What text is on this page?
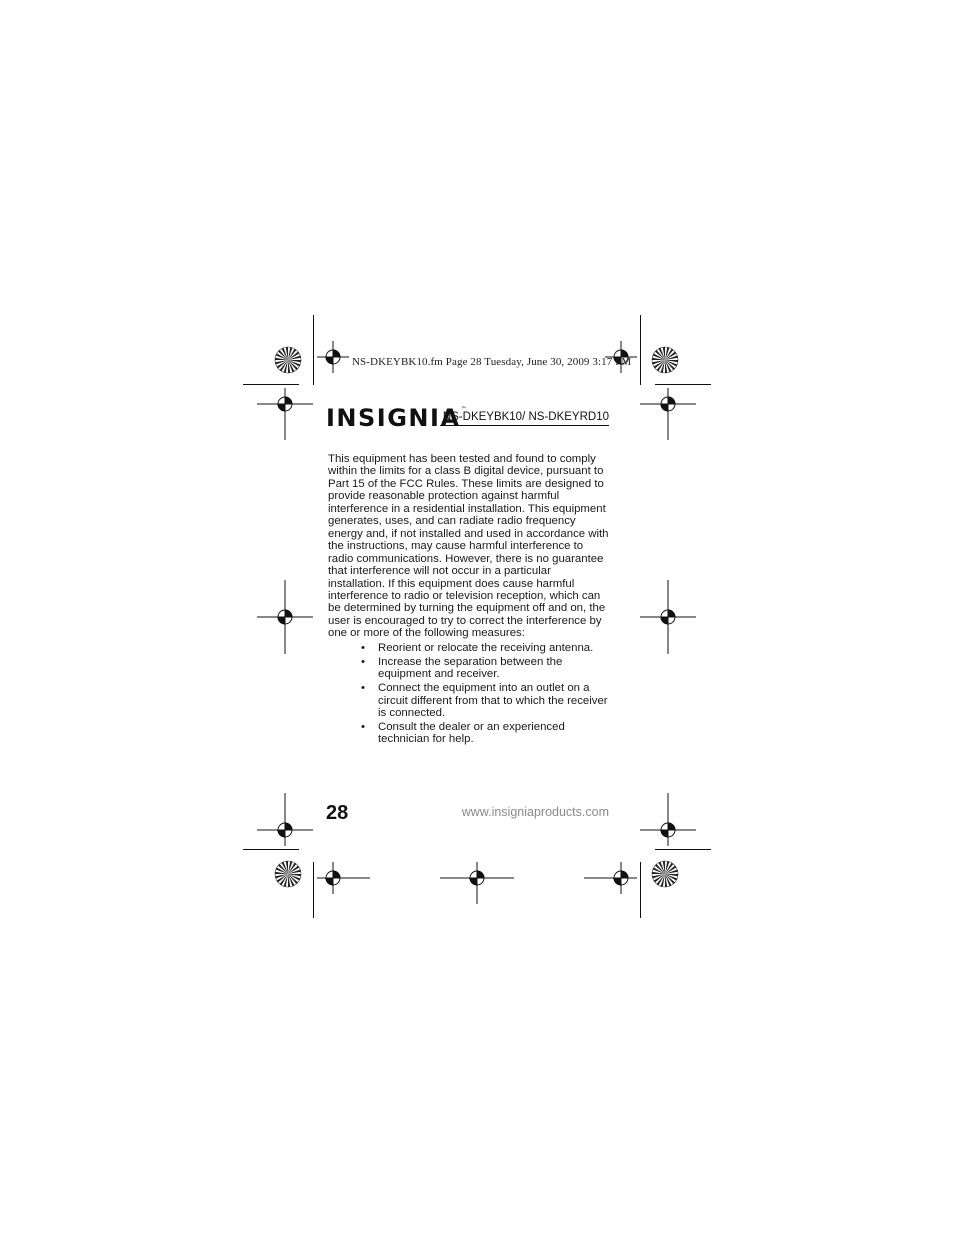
NS-DKEYBK10.fm Page 28 Tuesday, June 30, 2009 3:17 PM
INSIGNIA™
NS-DKEYBK10/ NS-DKEYRD10

This equipment has been tested and found to comply within the limits for a class B digital device, pursuant to Part 15 of the FCC Rules. These limits are designed to provide reasonable protection against harmful interference in a residential installation. This equipment generates, uses, and can radiate radio frequency energy and, if not installed and used in accordance with the instructions, may cause harmful interference to radio communications. However, there is no guarantee that interference will not occur in a particular installation. If this equipment does cause harmful interference to radio or television reception, which can be determined by turning the equipment off and on, the user is encouraged to try to correct the interference by one or more of the following measures:

• Reorient or relocate the receiving antenna.
• Increase the separation between the equipment and receiver.
• Connect the equipment into an outlet on a circuit different from that to which the receiver is connected.
• Consult the dealer or an experienced technician for help.
28	www.insigniaproducts.com
